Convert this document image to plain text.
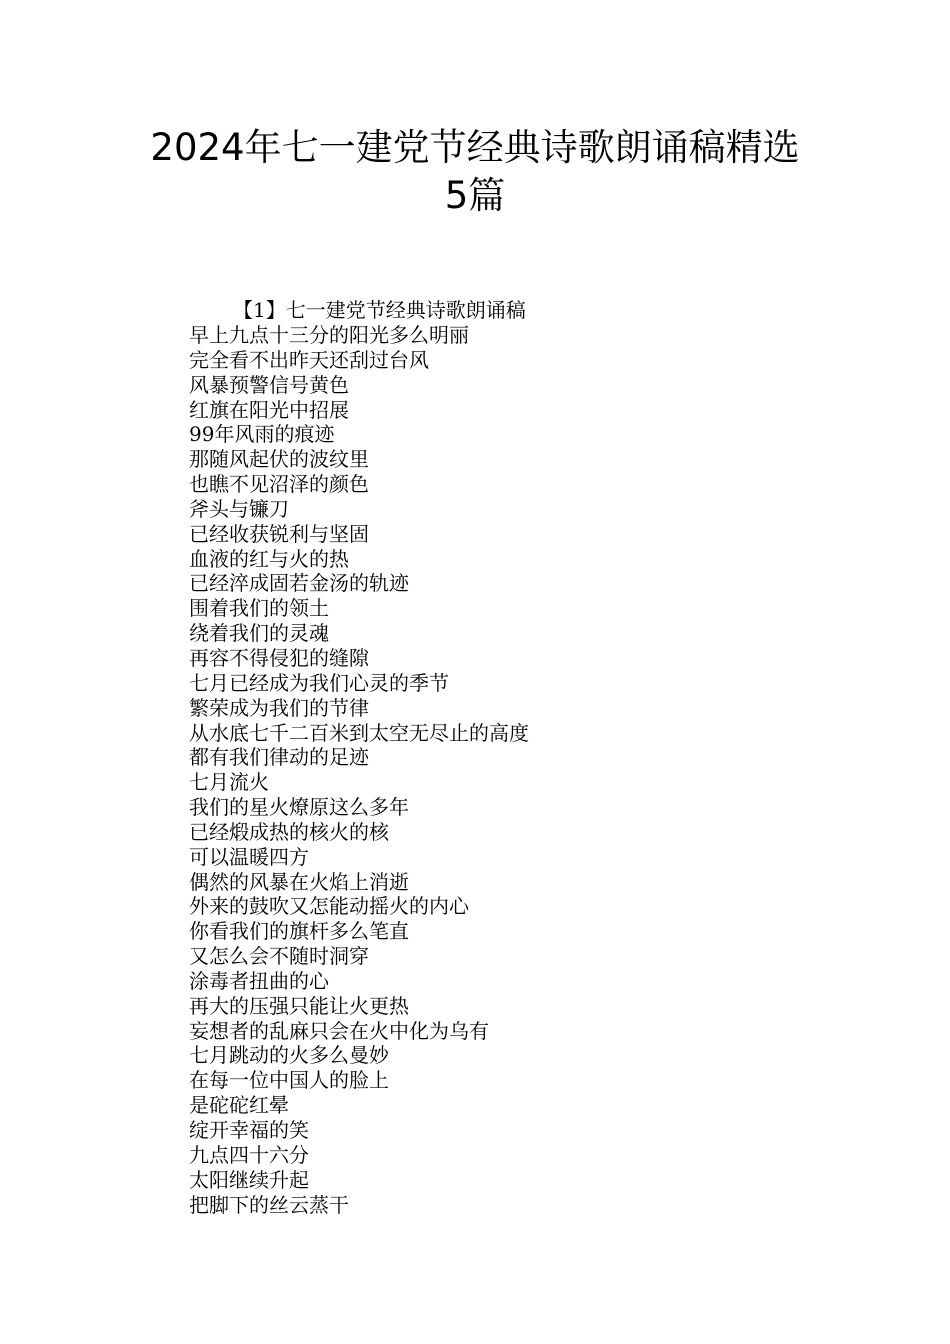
2024年七一建党节经典诗歌朗诵稿精选
5篇
【1】七一建党节经典诗歌朗诵稿
早上九点十三分的阳光多么明丽
完全看不出昨天还刮过台风
风暴预警信号黄色
红旗在阳光中招展
99年风雨的痕迹
那随风起伏的波纹里
也瞧不见沼泽的颜色
斧头与镰刀
已经收获锐利与坚固
血液的红与火的热
已经淬成固若金汤的轨迹
围着我们的领土
绕着我们的灵魂
再容不得侵犯的缝隙
七月已经成为我们心灵的季节
繁荣成为我们的节律
从水底七千二百米到太空无尽止的高度
都有我们律动的足迹
七月流火
我们的星火燎原这么多年
已经煅成热的核火的核
可以温暖四方
偶然的风暴在火焰上消逝
外来的鼓吹又怎能动摇火的内心
你看我们的旗杆多么笔直
又怎么会不随时洞穿
涂毒者扭曲的心
再大的压强只能让火更热
妄想者的乱麻只会在火中化为乌有
七月跳动的火多么曼妙
在每一位中国人的脸上
是砣砣红晕
绽开幸福的笑
九点四十六分
太阳继续升起
把脚下的丝云蒸干
